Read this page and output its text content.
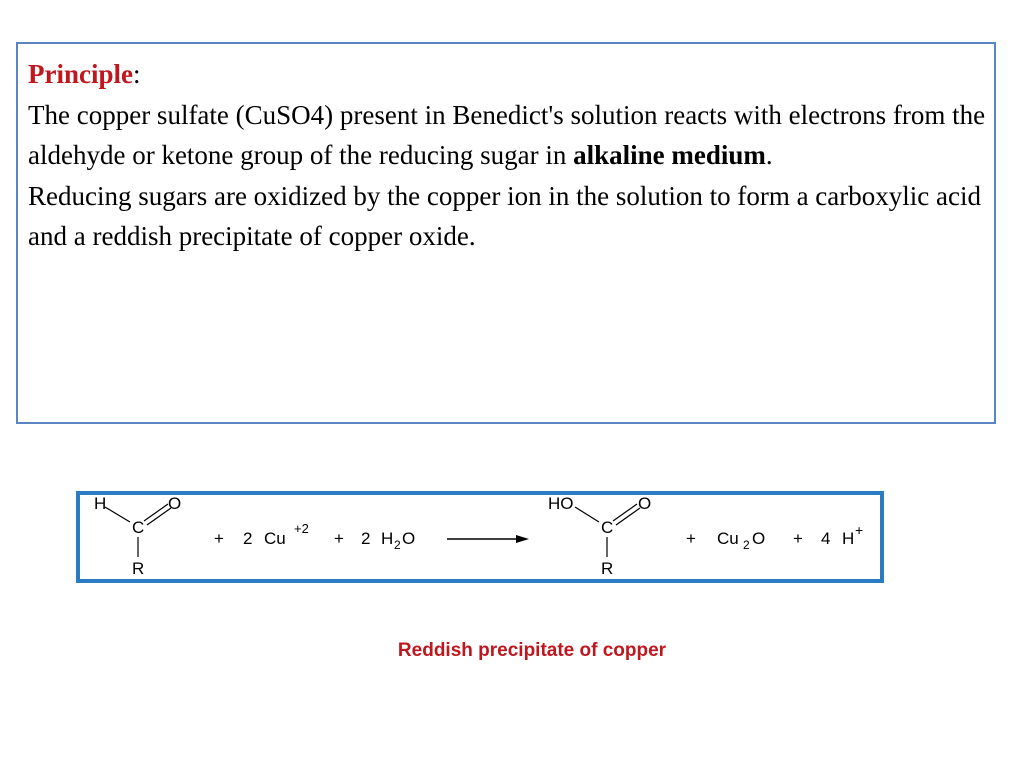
Principle:
The copper sulfate (CuSO4) present in Benedict's solution reacts with electrons from the aldehyde or ketone group of the reducing sugar in alkaline medium.
Reducing sugars are oxidized by the copper ion in the solution to form a carboxylic acid and a reddish precipitate of copper oxide.
H	O
C
R
+ 2 Cu
+2
+ 2 H 2 O
HO	O
C
R
+ Cu 2 O + 4 H +
Reddish precipitate of copper
